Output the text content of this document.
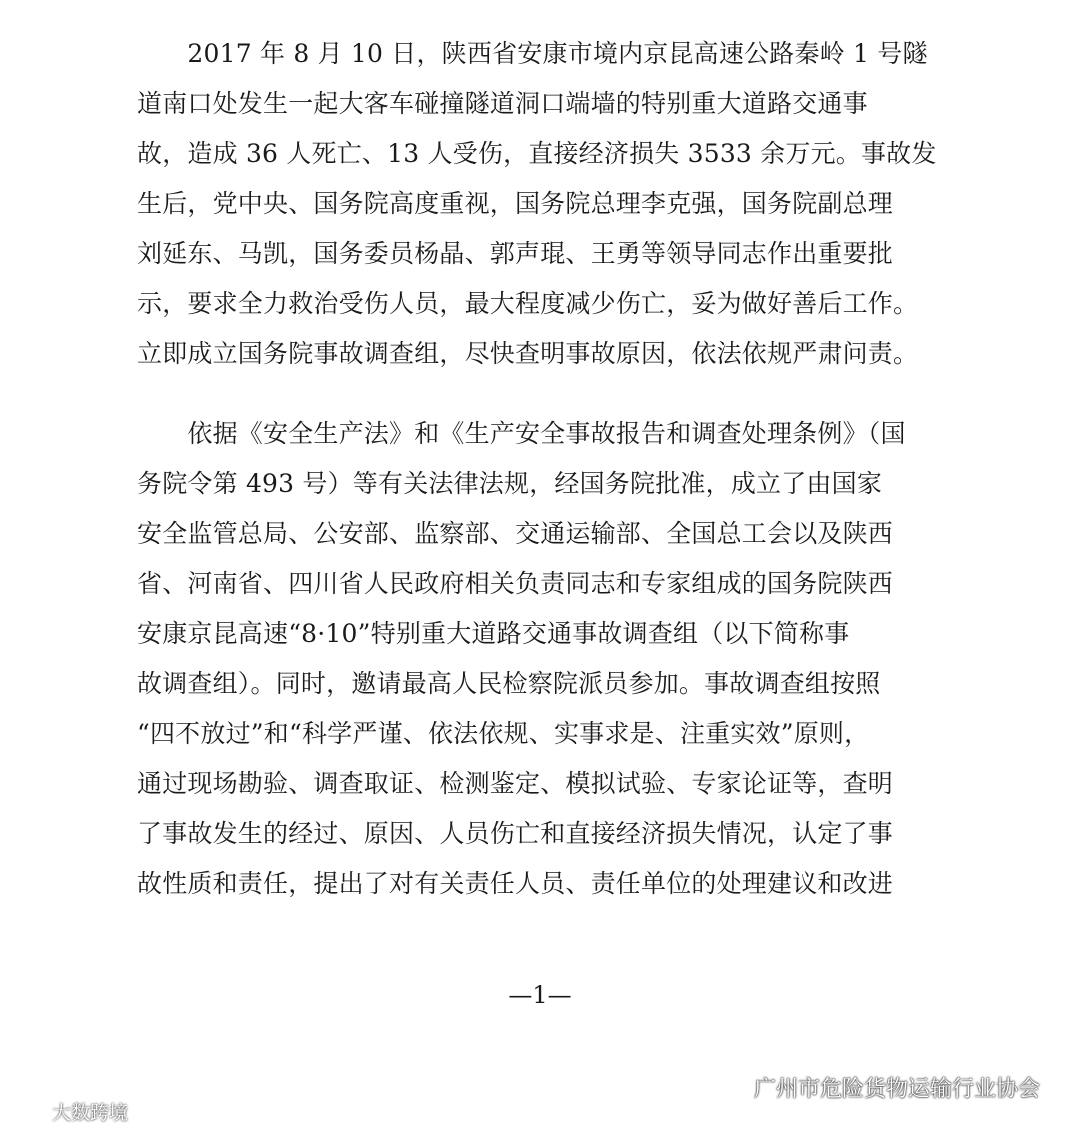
　　2017 年 8 月 10 日，陕西省安康市境内京昆高速公路秦岭 1 号隧
道南口处发生一起大客车碰撞隧道洞口端墙的特别重大道路交通事
故，造成 36 人死亡、13 人受伤，直接经济损失 3533 余万元。事故发
生后，党中央、国务院高度重视，国务院总理李克强，国务院副总理
刘延东、马凯，国务委员杨晶、郭声琨、王勇等领导同志作出重要批
示，要求全力救治受伤人员，最大程度减少伤亡，妥为做好善后工作。
立即成立国务院事故调查组，尽快查明事故原因，依法依规严肃问责。
　　依据《安全生产法》和《生产安全事故报告和调查处理条例》（国
务院令第 493 号）等有关法律法规，经国务院批准，成立了由国家
安全监管总局、公安部、监察部、交通运输部、全国总工会以及陕西
省、河南省、四川省人民政府相关负责同志和专家组成的国务院陕西
安康京昆高速“8·10”特别重大道路交通事故调查组（以下简称事
故调查组）。同时，邀请最高人民检察院派员参加。事故调查组按照
“四不放过”和“科学严谨、依法依规、实事求是、注重实效”原则，
通过现场勘验、调查取证、检测鉴定、模拟试验、专家论证等，查明
了事故发生的经过、原因、人员伤亡和直接经济损失情况，认定了事
故性质和责任，提出了对有关责任人员、责任单位的处理建议和改进
—1—
广州市危险货物运输行业协会
大数跨境
